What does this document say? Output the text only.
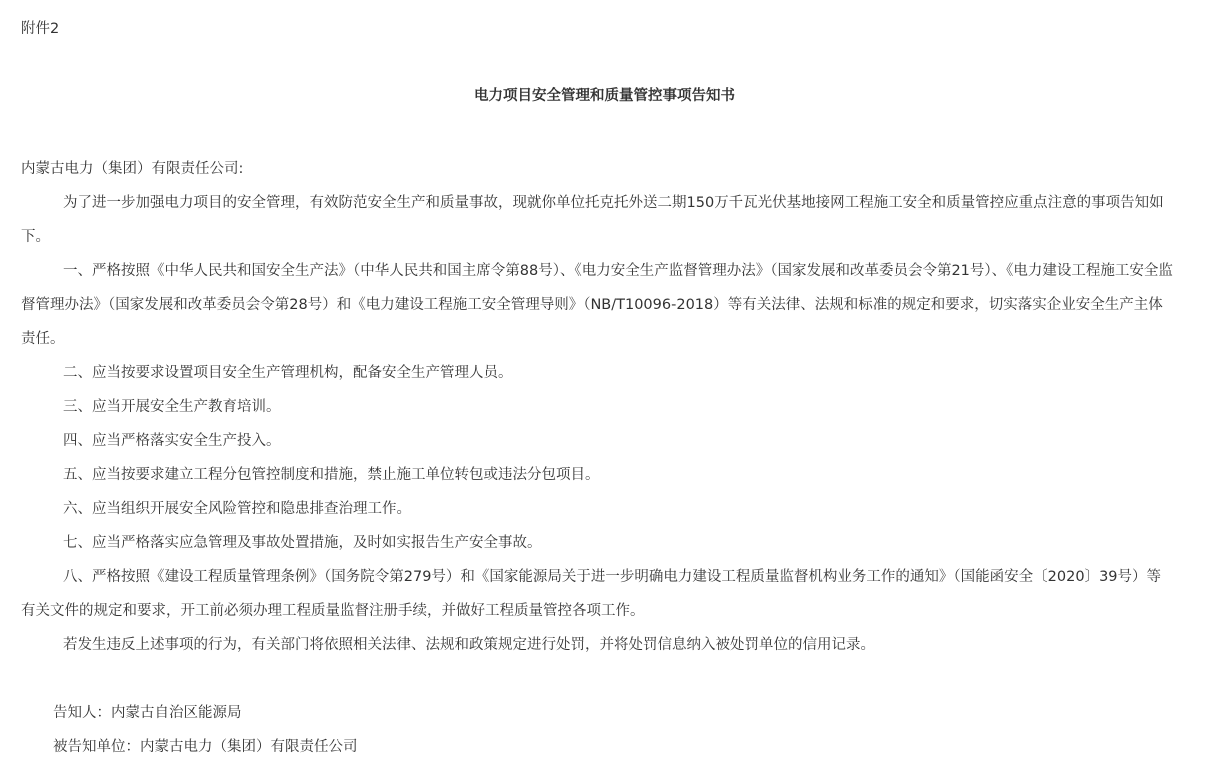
附件2
电力项目安全管理和质量管控事项告知书

内蒙古电力（集团）有限责任公司:

为了进一步加强电力项目的安全管理，有效防范安全生产和质量事故，现就你单位托克托外送二期150万千瓦光伏基地接网工程施工安全和质量管控应重点注意的事项告知如下。

一、严格按照《中华人民共和国安全生产法》（中华人民共和国主席令第88号）、《电力安全生产监督管理办法》（国家发展和改革委员会令第21号）、《电力建设工程施工安全监督管理办法》（国家发展和改革委员会令第28号）和《电力建设工程施工安全管理导则》（NB/T10096-2018）等有关法律、法规和标准的规定和要求，切实落实企业安全生产主体责任。

二、应当按要求设置项目安全生产管理机构，配备安全生产管理人员。

三、应当开展安全生产教育培训。

四、应当严格落实安全生产投入。

五、应当按要求建立工程分包管控制度和措施，禁止施工单位转包或违法分包项目。

六、应当组织开展安全风险管控和隐患排查治理工作。

七、应当严格落实应急管理及事故处置措施，及时如实报告生产安全事故。

八、严格按照《建设工程质量管理条例》（国务院令第279号）和《国家能源局关于进一步明确电力建设工程质量监督机构业务工作的通知》（国能函安全〔2020〕39号）等有关文件的规定和要求，开工前必须办理工程质量监督注册手续，并做好工程质量管控各项工作。

若发生违反上述事项的行为，有关部门将依照相关法律、法规和政策规定进行处罚，并将处罚信息纳入被处罚单位的信用记录。

告知人：内蒙古自治区能源局

被告知单位：内蒙古电力（集团）有限责任公司
